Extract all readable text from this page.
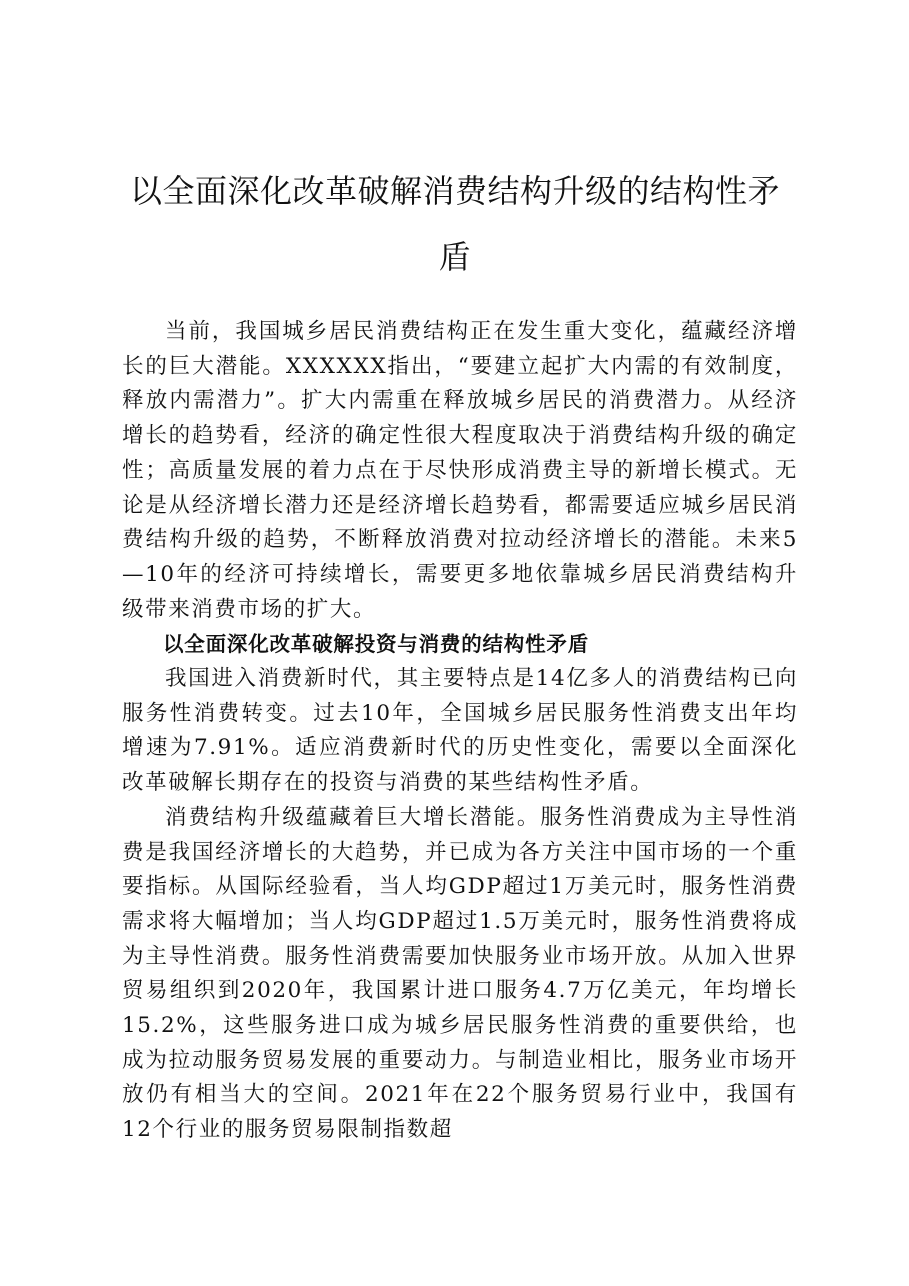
以全面深化改革破解消费结构升级的结构性矛盾

当前，我国城乡居民消费结构正在发生重大变化，蕴藏经济增长的巨大潜能。XXXXXX指出，“要建立起扩大内需的有效制度，释放内需潜力”。扩大内需重在释放城乡居民的消费潜力。从经济增长的趋势看，经济的确定性很大程度取决于消费结构升级的确定性；高质量发展的着力点在于尽快形成消费主导的新增长模式。无论是从经济增长潜力还是经济增长趋势看，都需要适应城乡居民消费结构升级的趋势，不断释放消费对拉动经济增长的潜能。未来5—10年的经济可持续增长，需要更多地依靠城乡居民消费结构升级带来消费市场的扩大。

以全面深化改革破解投资与消费的结构性矛盾

我国进入消费新时代，其主要特点是14亿多人的消费结构已向服务性消费转变。过去10年，全国城乡居民服务性消费支出年均增速为7.91%。适应消费新时代的历史性变化，需要以全面深化改革破解长期存在的投资与消费的某些结构性矛盾。

消费结构升级蕴藏着巨大增长潜能。服务性消费成为主导性消费是我国经济增长的大趋势，并已成为各方关注中国市场的一个重要指标。从国际经验看，当人均GDP超过1万美元时，服务性消费需求将大幅增加；当人均GDP超过1.5万美元时，服务性消费将成为主导性消费。服务性消费需要加快服务业市场开放。从加入世界贸易组织到2020年，我国累计进口服务4.7万亿美元，年均增长15.2%，这些服务进口成为城乡居民服务性消费的重要供给，也成为拉动服务贸易发展的重要动力。与制造业相比，服务业市场开放仍有相当大的空间。2021年在22个服务贸易行业中，我国有12个行业的服务贸易限制指数超
